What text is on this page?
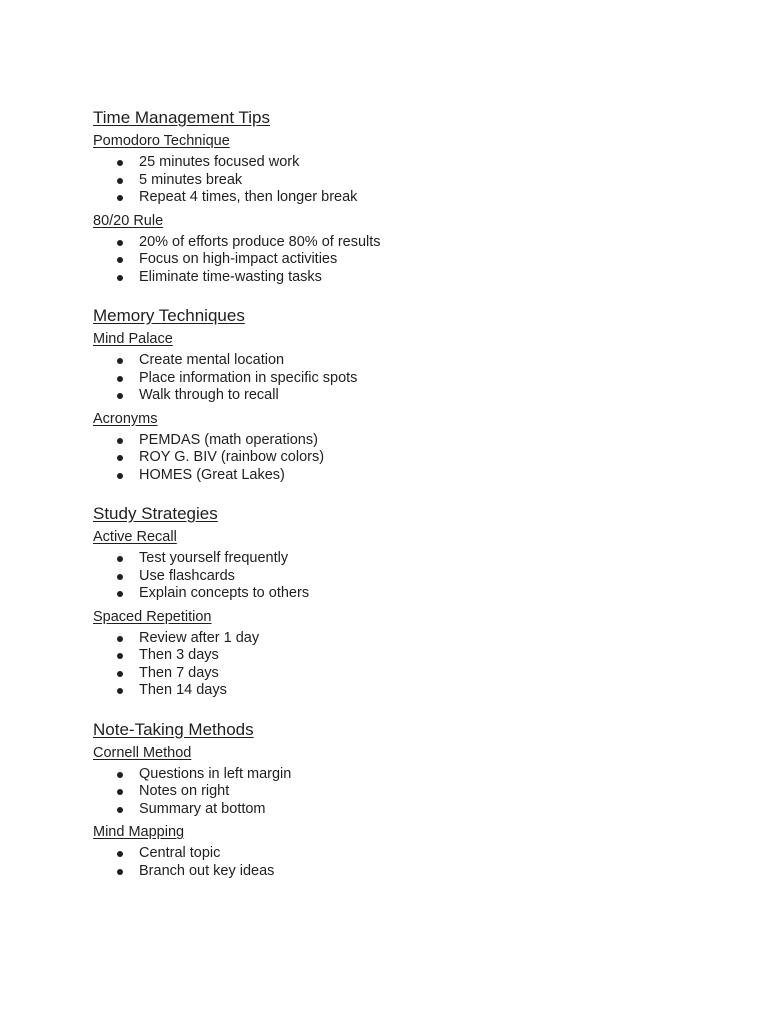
Time Management Tips
Pomodoro Technique
25 minutes focused work
5 minutes break
Repeat 4 times, then longer break
80/20 Rule
20% of efforts produce 80% of results
Focus on high-impact activities
Eliminate time-wasting tasks
Memory Techniques
Mind Palace
Create mental location
Place information in specific spots
Walk through to recall
Acronyms
PEMDAS (math operations)
ROY G. BIV (rainbow colors)
HOMES (Great Lakes)
Study Strategies
Active Recall
Test yourself frequently
Use flashcards
Explain concepts to others
Spaced Repetition
Review after 1 day
Then 3 days
Then 7 days
Then 14 days
Note-Taking Methods
Cornell Method
Questions in left margin
Notes on right
Summary at bottom
Mind Mapping
Central topic
Branch out key ideas
